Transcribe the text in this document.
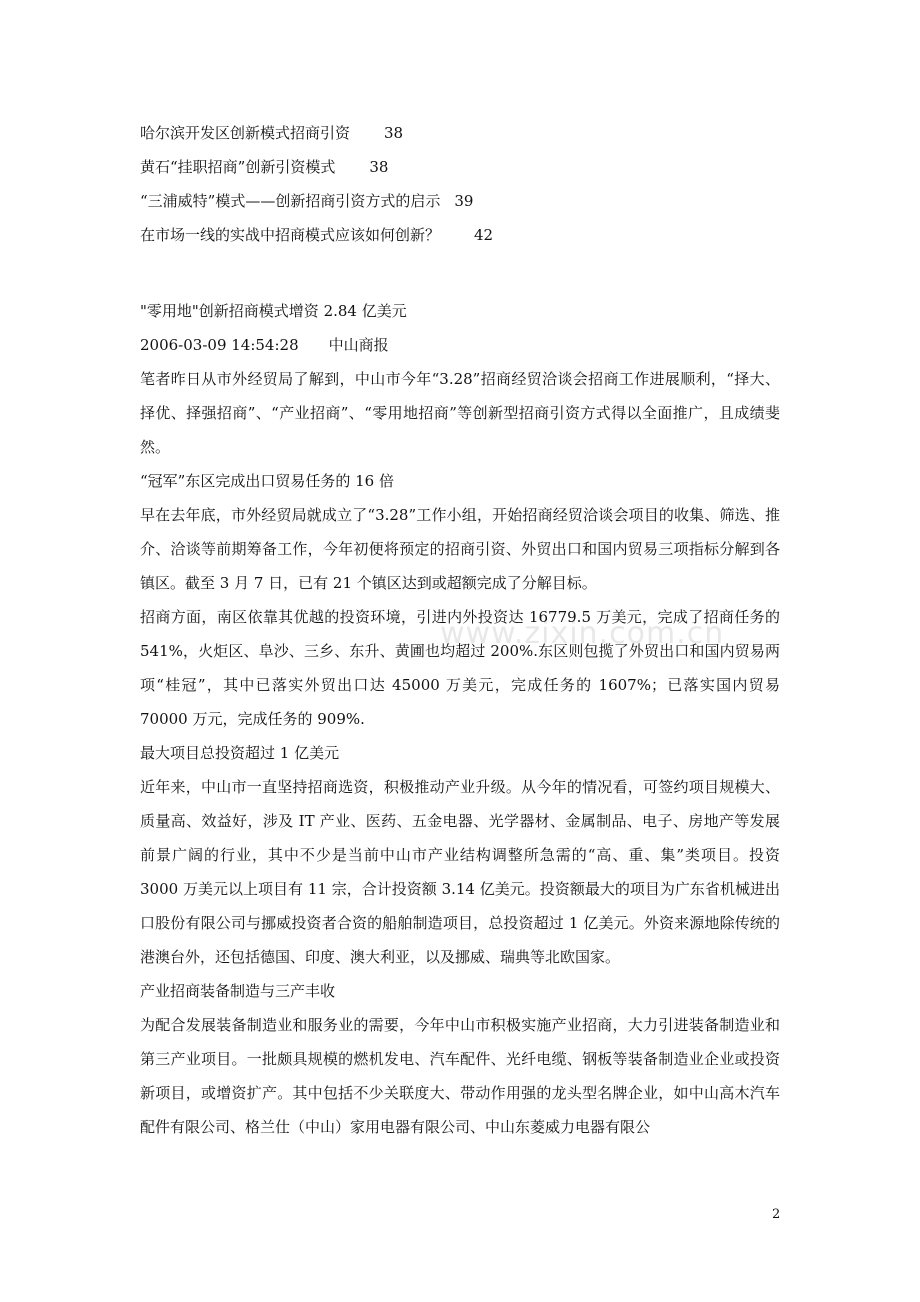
www.zixin.com.cn
哈尔滨开发区创新模式招商引资 38
黄石“挂职招商”创新引资模式 38
“三浦威特”模式——创新招商引资方式的启示 39
在市场一线的实战中招商模式应该如何创新？ 42
"零用地"创新招商模式增资 2.84 亿美元
2006-03-09 14:54:28 中山商报
笔者昨日从市外经贸局了解到，中山市今年“3.28”招商经贸洽谈会招商工作进展顺利，“择大、择优、择强招商”、“产业招商”、“零用地招商”等创新型招商引资方式得以全面推广，且成绩斐然。
“冠军”东区完成出口贸易任务的 16 倍
早在去年底，市外经贸局就成立了“3.28”工作小组，开始招商经贸洽谈会项目的收集、筛选、推介、洽谈等前期筹备工作，今年初便将预定的招商引资、外贸出口和国内贸易三项指标分解到各镇区。截至 3 月 7 日，已有 21 个镇区达到或超额完成了分解目标。
招商方面，南区依靠其优越的投资环境，引进内外投资达 16779.5 万美元，完成了招商任务的 541%，火炬区、阜沙、三乡、东升、黄圃也均超过 200%.东区则包揽了外贸出口和国内贸易两项“桂冠”，其中已落实外贸出口达 45000 万美元，完成任务的 1607%；已落实国内贸易 70000 万元，完成任务的 909%.
最大项目总投资超过 1 亿美元
近年来，中山市一直坚持招商选资，积极推动产业升级。从今年的情况看，可签约项目规模大、质量高、效益好，涉及 IT 产业、医药、五金电器、光学器材、金属制品、电子、房地产等发展前景广阔的行业，其中不少是当前中山市产业结构调整所急需的“高、重、集”类项目。投资 3000 万美元以上项目有 11 宗，合计投资额 3.14 亿美元。投资额最大的项目为广东省机械进出口股份有限公司与挪威投资者合资的船舶制造项目，总投资超过 1 亿美元。外资来源地除传统的港澳台外，还包括德国、印度、澳大利亚，以及挪威、瑞典等北欧国家。
产业招商装备制造与三产丰收
为配合发展装备制造业和服务业的需要，今年中山市积极实施产业招商，大力引进装备制造业和第三产业项目。一批颇具规模的燃机发电、汽车配件、光纤电缆、钢板等装备制造业企业或投资新项目，或增资扩产。其中包括不少关联度大、带动作用强的龙头型名牌企业，如中山高木汽车配件有限公司、格兰仕（中山）家用电器有限公司、中山东菱威力电器有限公
2
